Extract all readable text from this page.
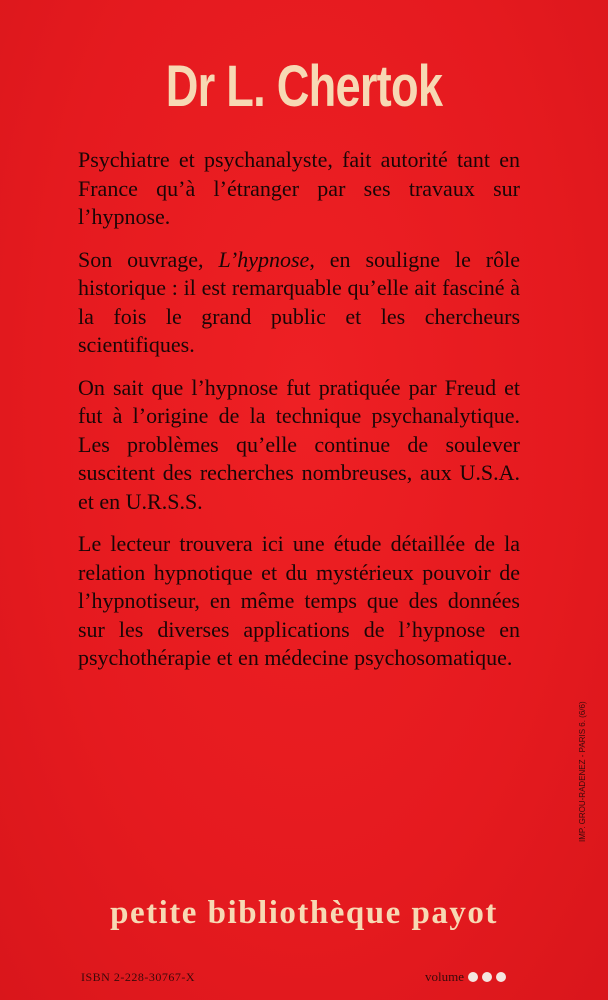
Dr L. Chertok

Psychiatre et psychanalyste, fait autorité tant en France qu’à l’étranger par ses travaux sur l’hypnose.

Son ouvrage, L’hypnose, en souligne le rôle historique : il est remarquable qu’elle ait fasciné à la fois le grand public et les chercheurs scientifiques.

On sait que l’hypnose fut pratiquée par Freud et fut à l’origine de la technique psychanalytique. Les problèmes qu’elle continue de soulever suscitent des recherches nombreuses, aux U.S.A. et en U.R.S.S.

Le lecteur trouvera ici une étude détaillée de la relation hypnotique et du mystérieux pouvoir de l’hypnotiseur, en même temps que des données sur les diverses applications de l’hypnose en psychothérapie et en médecine psychosomatique.

IMP. GROU-RADENEZ - PARIS 6. (6/6)
petite bibliothèque payot
ISBN 2-228-30767-X	volume
